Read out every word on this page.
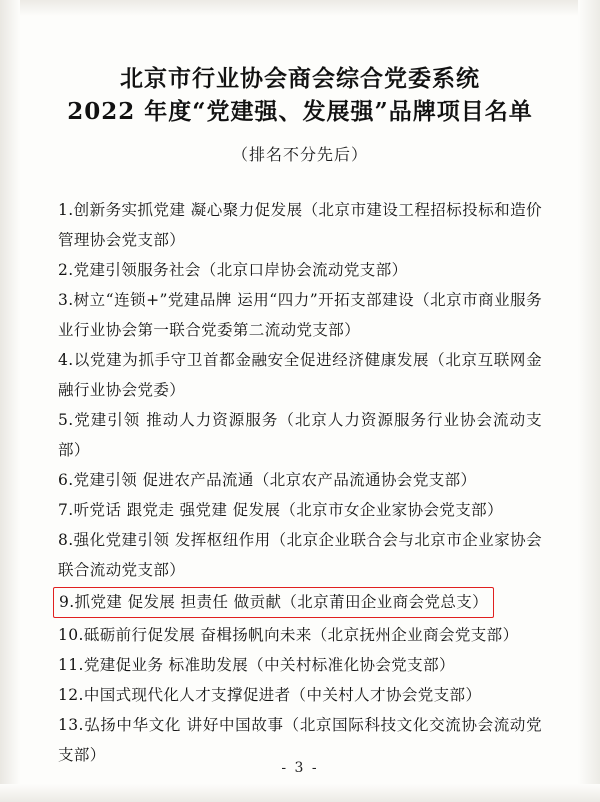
北京市行业协会商会综合党委系统
2022 年度“党建强、发展强”品牌项目名单
（排名不分先后）

1.创新务实抓党建 凝心聚力促发展（北京市建设工程招标投标和造价管理协会党支部）

2.党建引领服务社会（北京口岸协会流动党支部）

3.树立“连锁+”党建品牌 运用“四力”开拓支部建设（北京市商业服务业行业协会第一联合党委第二流动党支部）

4.以党建为抓手守卫首都金融安全促进经济健康发展（北京互联网金融行业协会党委）

5.党建引领 推动人力资源服务（北京人力资源服务行业协会流动支部）

6.党建引领 促进农产品流通（北京农产品流通协会党支部）

7.听党话 跟党走 强党建 促发展（北京市女企业家协会党支部）

8.强化党建引领 发挥枢纽作用（北京企业联合会与北京市企业家协会联合流动党支部）

9.抓党建 促发展 担责任 做贡献（北京莆田企业商会党总支）

10.砥砺前行促发展 奋楫扬帆向未来（北京抚州企业商会党支部）

11.党建促业务 标准助发展（中关村标准化协会党支部）

12.中国式现代化人才支撑促进者（中关村人才协会党支部）

13.弘扬中华文化 讲好中国故事（北京国际科技文化交流协会流动党支部）

- 3 -
